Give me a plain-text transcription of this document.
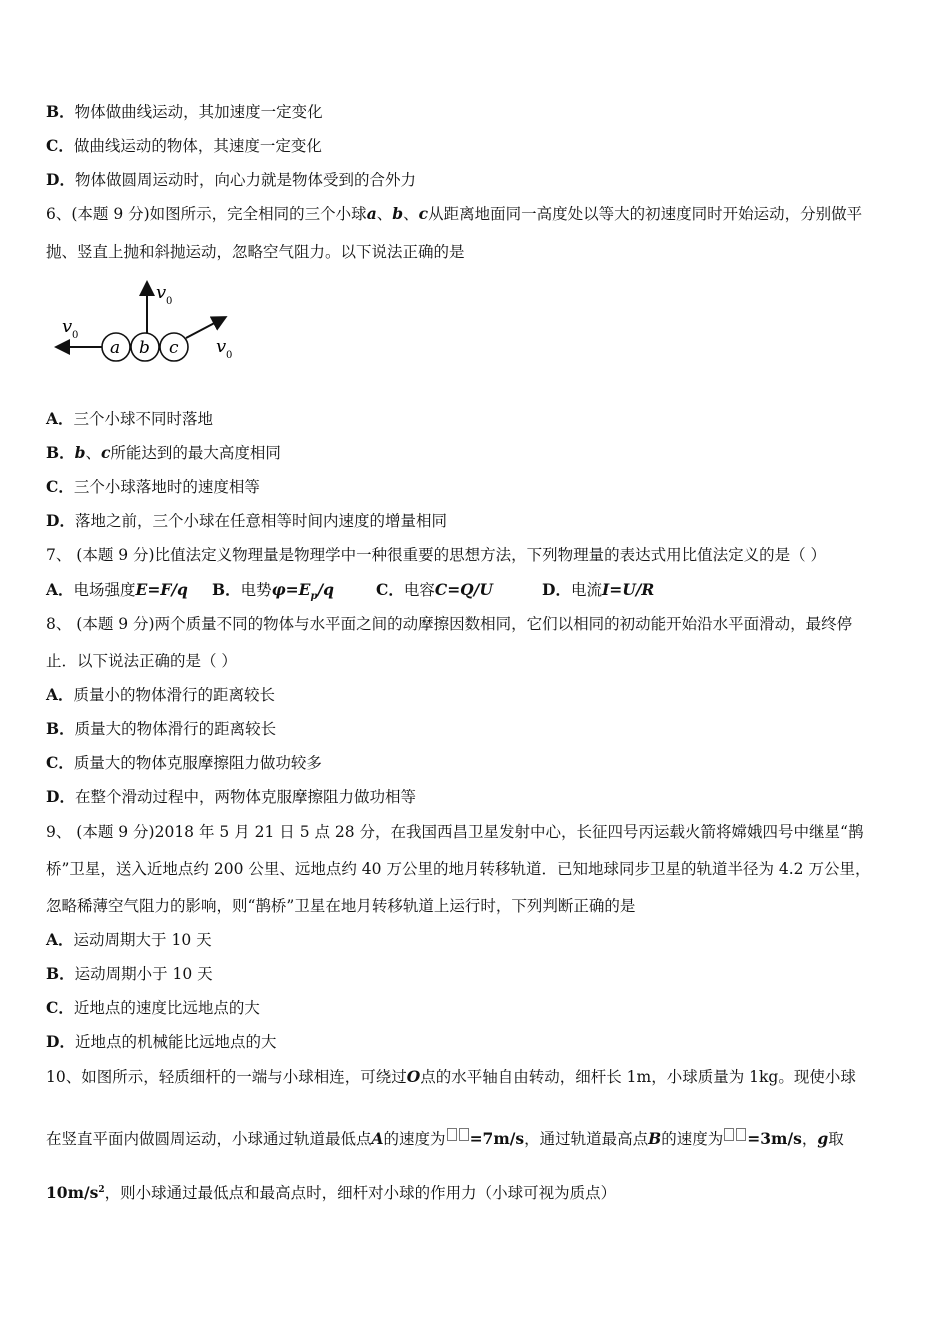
B．物体做曲线运动，其加速度一定变化
C．做曲线运动的物体，其速度一定变化
D．物体做圆周运动时，向心力就是物体受到的合外力
6、(本题 9 分)如图所示，完全相同的三个小球a、b、c从距离地面同一高度处以等大的初速度同时开始运动，分别做平
抛、竖直上抛和斜抛运动，忽略空气阻力。以下说法正确的是
a b c
v 0
v 0
v 0
A．三个小球不同时落地
B．b、c所能达到的最大高度相同
C．三个小球落地时的速度相等
D．落地之前，三个小球在任意相等时间内速度的增量相同
7、 (本题 9 分)比值法定义物理量是物理学中一种很重要的思想方法，下列物理量的表达式用比值法定义的是（ ）
A．电场强度E=F/q B．电势$\varphi=E_p/q$	C．电容C=Q/U	D．电流I=U/R
8、 (本题 9 分)两个质量不同的物体与水平面之间的动摩擦因数相同，它们以相同的初动能开始沿水平面滑动，最终停
止．以下说法正确的是（ ）
A．质量小的物体滑行的距离较长
B．质量大的物体滑行的距离较长
C．质量大的物体克服摩擦阻力做功较多
D．在整个滑动过程中，两物体克服摩擦阻力做功相等
9、 (本题 9 分)2018 年 5 月 21 日 5 点 28 分，在我国西昌卫星发射中心，长征四号丙运载火箭将嫦娥四号中继星“鹊
桥”卫星，送入近地点约 200 公里、远地点约 40 万公里的地月转移轨道．已知地球同步卫星的轨道半径为 4.2 万公里，
忽略稀薄空气阻力的影响，则“鹊桥”卫星在地月转移轨道上运行时，下列判断正确的是
A．运动周期大于 10 天
B．运动周期小于 10 天
C．近地点的速度比远地点的大
D．近地点的机械能比远地点的大
10、如图所示，轻质细杆的一端与小球相连，可绕过O点的水平轴自由转动，细杆长 1m，小球质量为 1kg。现使小球
在竖直平面内做圆周运动，小球通过轨道最低点A的速度为 =7m/s，通过轨道最高点B的速度为 =3m/s，g取
$10m/s^2$，则小球通过最低点和最高点时，细杆对小球的作用力（小球可视为质点）
